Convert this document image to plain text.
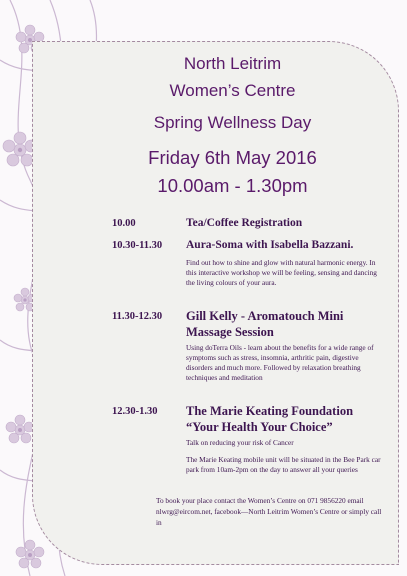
North Leitrim
Women’s Centre
Spring Wellness Day
Friday 6th May 2016
10.00am - 1.30pm
10.00	Tea/Coffee Registration
10.30-11.30 Aura-Soma with Isabella Bazzani.
Find out how to shine and glow with natural harmonic energy. In this interactive workshop we will be feeling, sensing and dancing the living colours of your aura.
11.30-12.30 Gill Kelly - Aromatouch Mini
Massage Session
Using doTerra Oils - learn about the benefits for a wide range of symptoms such as stress, insomnia, arthritic pain, digestive disorders and much more. Followed by relaxation breathing techniques and meditation
12.30-1.30 The Marie Keating Foundation
“Your Health Your Choice”
Talk on reducing your risk of Cancer
The Marie Keating mobile unit will be situated in the Bee Park car park from 10am-2pm on the day to answer all your queries
To book your place contact the Women’s Centre on 071 9856220 email nlwrg@eircom.net, facebook—North Leitrim Women’s Centre or simply call in
